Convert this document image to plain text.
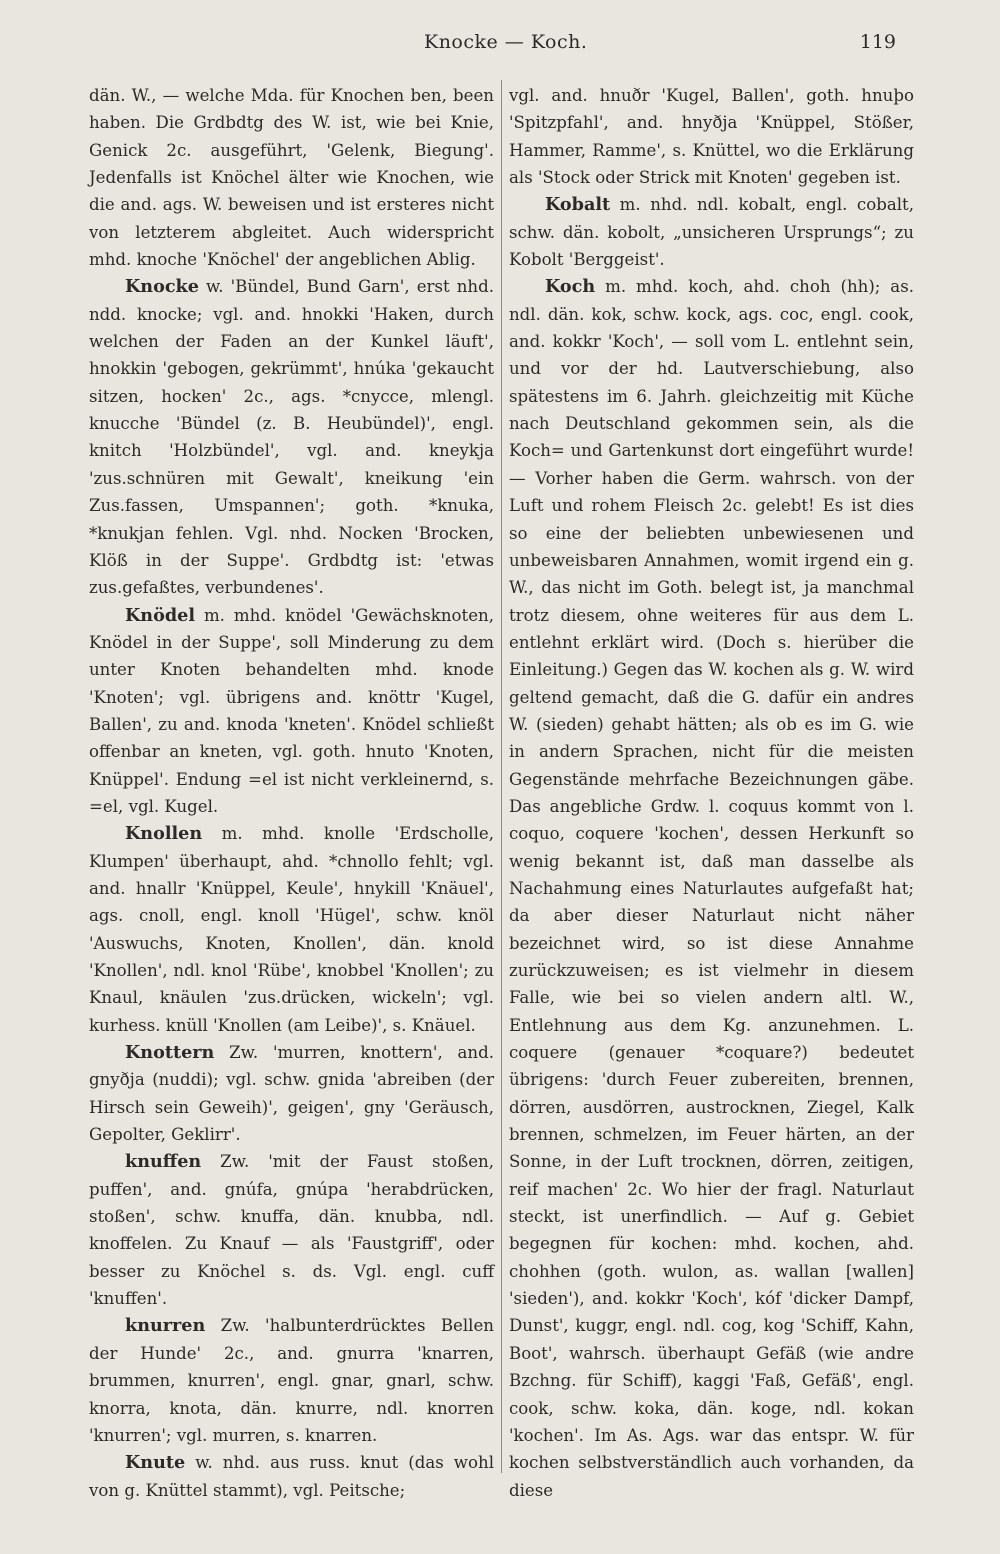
Knocke — Koch.	119

dän. W., — welche Mda. für Knochen ben, been haben. Die Grdbdtg des W. ist, wie bei Knie, Genick 2c. ausgeführt, 'Gelenk, Biegung'. Jedenfalls ist Knöchel älter wie Knochen, wie die and. ags. W. beweisen und ist ersteres nicht von letzterem abgleitet. Auch widerspricht mhd. knoche 'Knöchel' der angeblichen Ablig.

Knocke w. 'Bündel, Bund Garn', erst nhd. ndd. knocke; vgl. and. hnokki 'Haken, durch welchen der Faden an der Kunkel läuft', hnokkin 'gebogen, gekrümmt', hnúka 'gekaucht sitzen, hocken' 2c., ags. *cnycce, mlengl. knucche 'Bündel (z. B. Heubündel)', engl. knitch 'Holzbündel', vgl. and. kneykja 'zus.schnüren mit Gewalt', kneikung 'ein Zus.fassen, Umspannen'; goth. *knuka, *knukjan fehlen. Vgl. nhd. Nocken 'Brocken, Klöß in der Suppe'. Grdbdtg ist: 'etwas zus.gefaßtes, verbundenes'.

Knödel m. mhd. knödel 'Gewächsknoten, Knödel in der Suppe', soll Minderung zu dem unter Knoten behandelten mhd. knode 'Knoten'; vgl. übrigens and. knöttr 'Kugel, Ballen', zu and. knoda 'kneten'. Knödel schließt offenbar an kneten, vgl. goth. hnuto 'Knoten, Knüppel'. Endung =el ist nicht verkleinernd, s. =el, vgl. Kugel.

Knollen m. mhd. knolle 'Erdscholle, Klumpen' überhaupt, ahd. *chnollo fehlt; vgl. and. hnallr 'Knüppel, Keule', hnykill 'Knäuel', ags. cnoll, engl. knoll 'Hügel', schw. knöl 'Auswuchs, Knoten, Knollen', dän. knold 'Knollen', ndl. knol 'Rübe', knobbel 'Knollen'; zu Knaul, knäulen 'zus.drücken, wickeln'; vgl. kurhess. knüll 'Knollen (am Leibe)', s. Knäuel.

Knottern Zw. 'murren, knottern', and. gnyðja (nuddi); vgl. schw. gnida 'abreiben (der Hirsch sein Geweih)', geigen', gny 'Geräusch, Gepolter, Geklirr'.

knuffen Zw. 'mit der Faust stoßen, puffen', and. gnúfa, gnúpa 'herabdrücken, stoßen', schw. knuffa, dän. knubba, ndl. knoffelen. Zu Knauf — als 'Faustgriff', oder besser zu Knöchel s. ds. Vgl. engl. cuff 'knuffen'.

knurren Zw. 'halbunterdrücktes Bellen der Hunde' 2c., and. gnurra 'knarren, brummen, knurren', engl. gnar, gnarl, schw. knorra, knota, dän. knurre, ndl. knorren 'knurren'; vgl. murren, s. knarren.

Knute w. nhd. aus russ. knut (das wohl von g. Knüttel stammt), vgl. Peitsche;

vgl. and. hnuðr 'Kugel, Ballen', goth. hnuþo 'Spitzpfahl', and. hnyðja 'Knüppel, Stößer, Hammer, Ramme', s. Knüttel, wo die Erklärung als 'Stock oder Strick mit Knoten' gegeben ist.

Kobalt m. nhd. ndl. kobalt, engl. cobalt, schw. dän. kobolt, „unsicheren Ursprungs“; zu Kobolt 'Berggeist'.

Koch m. mhd. koch, ahd. choh (hh); as. ndl. dän. kok, schw. kock, ags. coc, engl. cook, and. kokkr 'Koch', — soll vom L. entlehnt sein, und vor der hd. Lautverschiebung, also spätestens im 6. Jahrh. gleichzeitig mit Küche nach Deutschland gekommen sein, als die Koch= und Gartenkunst dort eingeführt wurde! — Vorher haben die Germ. wahrsch. von der Luft und rohem Fleisch 2c. gelebt! Es ist dies so eine der beliebten unbewiesenen und unbeweisbaren Annahmen, womit irgend ein g. W., das nicht im Goth. belegt ist, ja manchmal trotz diesem, ohne weiteres für aus dem L. entlehnt erklärt wird. (Doch s. hierüber die Einleitung.) Gegen das W. kochen als g. W. wird geltend gemacht, daß die G. dafür ein andres W. (sieden) gehabt hätten; als ob es im G. wie in andern Sprachen, nicht für die meisten Gegenstände mehrfache Bezeichnungen gäbe. Das angebliche Grdw. l. coquus kommt von l. coquo, coquere 'kochen', dessen Herkunft so wenig bekannt ist, daß man dasselbe als Nachahmung eines Naturlautes aufgefaßt hat; da aber dieser Naturlaut nicht näher bezeichnet wird, so ist diese Annahme zurückzuweisen; es ist vielmehr in diesem Falle, wie bei so vielen andern altl. W., Entlehnung aus dem Kg. anzunehmen. L. coquere (genauer *coquare?) bedeutet übrigens: 'durch Feuer zubereiten, brennen, dörren, ausdörren, austrocknen, Ziegel, Kalk brennen, schmelzen, im Feuer härten, an der Sonne, in der Luft trocknen, dörren, zeitigen, reif machen' 2c. Wo hier der fragl. Naturlaut steckt, ist unerfindlich. — Auf g. Gebiet begegnen für kochen: mhd. kochen, ahd. chohhen (goth. wulon, as. wallan [wallen] 'sieden'), and. kokkr 'Koch', kóf 'dicker Dampf, Dunst', kuggr, engl. ndl. cog, kog 'Schiff, Kahn, Boot', wahrsch. überhaupt Gefäß (wie andre Bzchng. für Schiff), kaggi 'Faß, Gefäß', engl. cook, schw. koka, dän. koge, ndl. kokan 'kochen'. Im As. Ags. war das entspr. W. für kochen selbstverständlich auch vorhanden, da diese
